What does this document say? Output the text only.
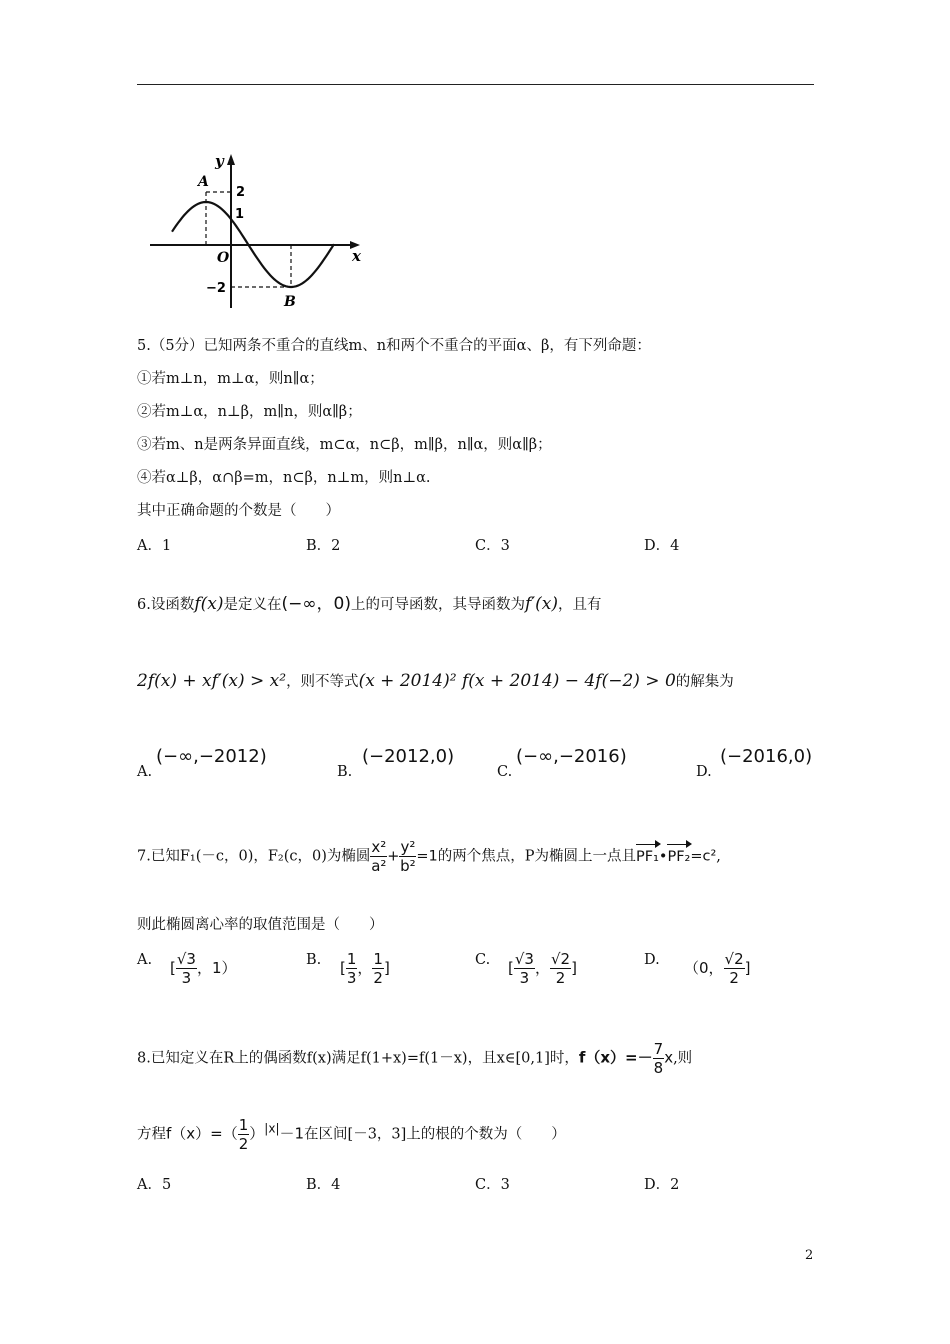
y
x
A
B
O
2
1
−2
5.（5分）已知两条不重合的直线m、n和两个不重合的平面α、β，有下列命题：
①若m⊥n，m⊥α，则n∥α；
②若m⊥α，n⊥β，m∥n，则α∥β；
③若m、n是两条异面直线，m⊂α，n⊂β，m∥β，n∥α，则α∥β；
④若α⊥β，α∩β=m，n⊂β，n⊥m，则n⊥α.
其中正确命题的个数是（　　）
A．1	B．2	C．3	D．4
6.设函数f(x)是定义在(−∞，0)上的可导函数，其导函数为f′(x)，且有
2f(x) + xf′(x) > x²，则不等式(x + 2014)² f(x + 2014) − 4f(−2) > 0的解集为
A.
(−∞,−2012)
B.
(−2012,0)
C.
(−∞,−2016)
D.
(−2016,0)
7.已知F₁(－c，0)，F₂(c，0)为椭圆 $\frac{\text{x²}}{\text{a²}} + \frac{\text{y²}}{\text{b²}} =1$的两个焦点，P为椭圆上一点且PF₁•PF₂=c²,
则此椭圆离心率的取值范围是（　　）
A. [ $\frac{√3}{3}$ ，1）	B. [ $\frac{1}{3}$ ， $\frac{1}{2}$ ]	C. [ $\frac{√3}{3}$ ， $\frac{√2}{2}$ ]	D. （0， $\frac{√2}{2}$ ]
8.已知定义在R上的偶函数f(x)满足f(1+x)=f(1－x)，且x∈[0,1]时，$f(x)=- \frac{7}{8} x$,则
方程$f(x)=( \frac{1}{2} )^{|x|}-1$在区间[－3，3]上的根的个数为（　　）
A．5	B．4	C．3	D．2
2
